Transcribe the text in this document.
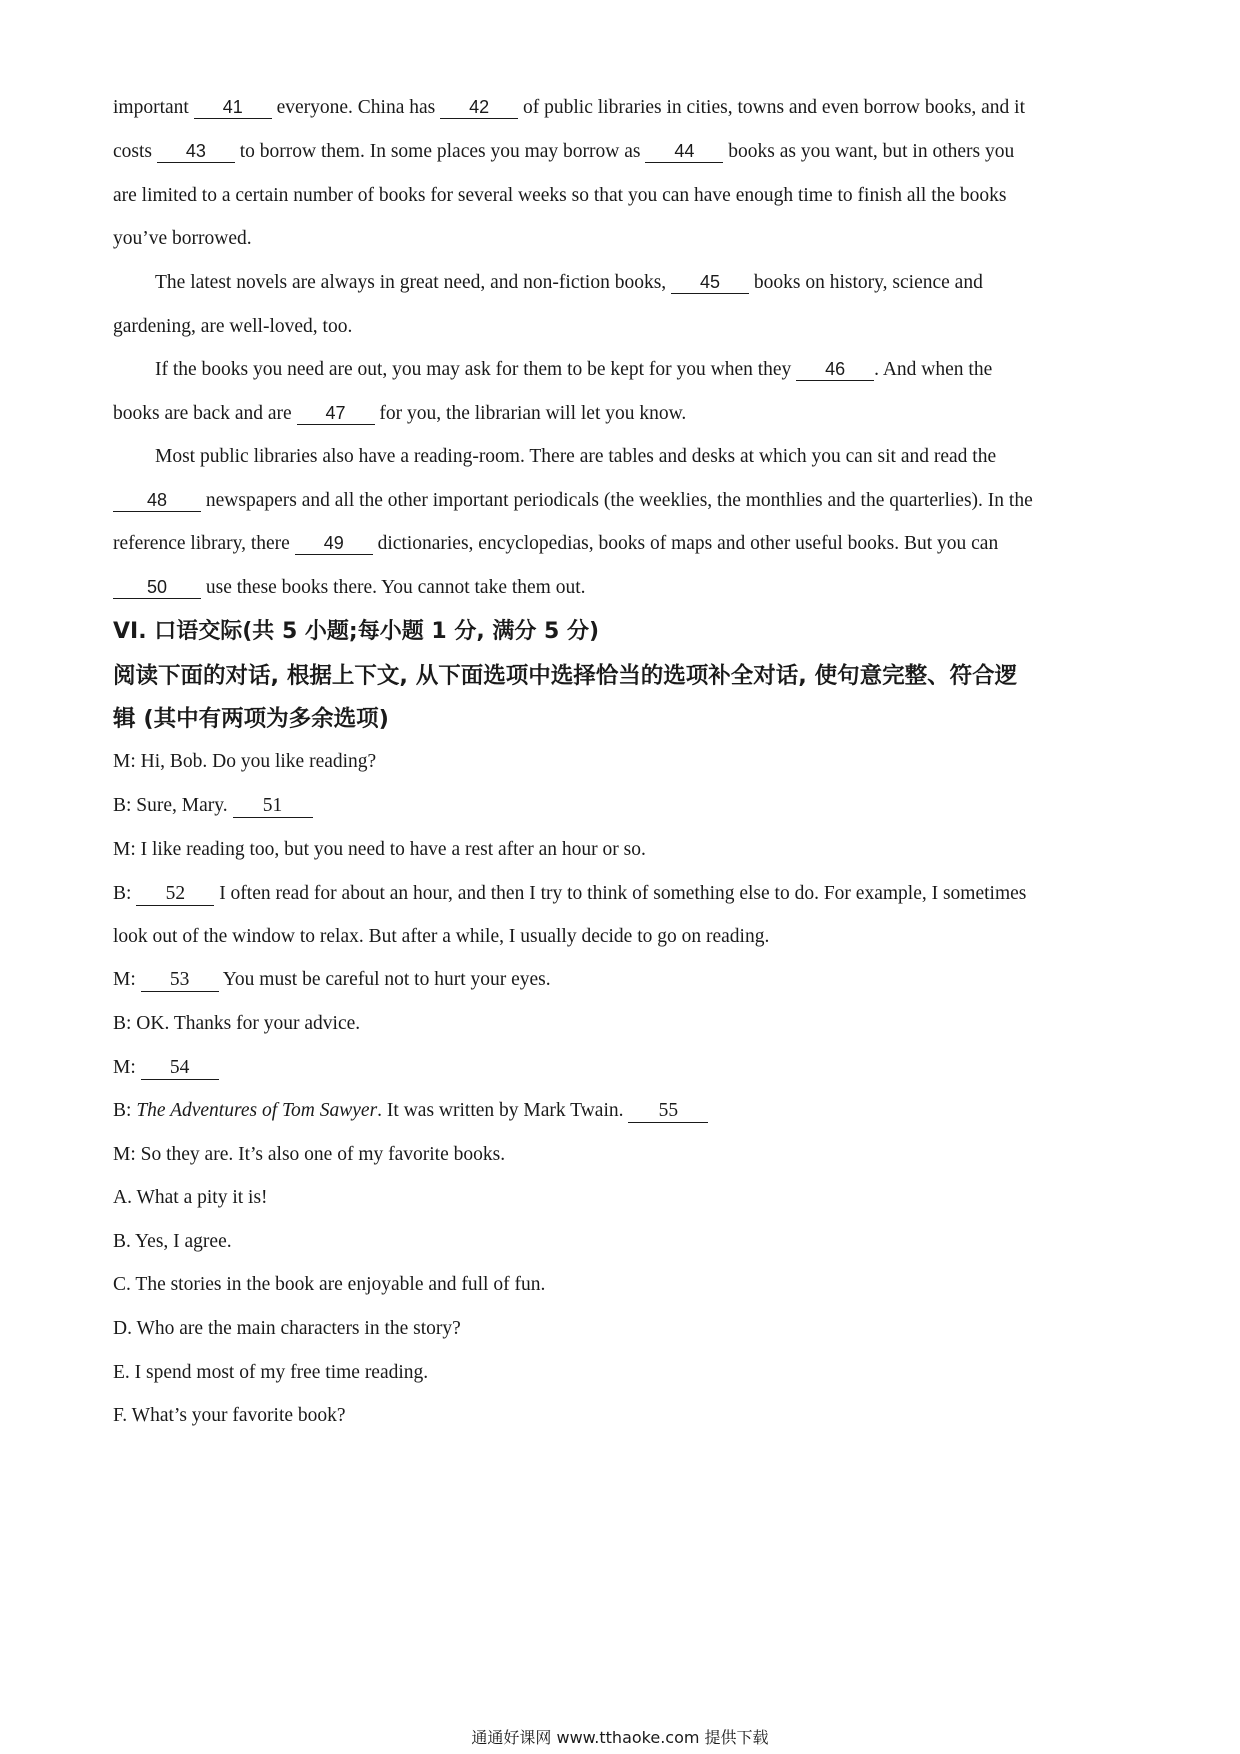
important 41 everyone. China has 42 of public libraries in cities, towns and even borrow books, and it
costs 43 to borrow them. In some places you may borrow as 44 books as you want, but in others you
are limited to a certain number of books for several weeks so that you can have enough time to finish all the books
you’ve borrowed.
The latest novels are always in great need, and non-fiction books, 45 books on history, science and
gardening, are well-loved, too.
If the books you need are out, you may ask for them to be kept for you when they 46 . And when the
books are back and are 47 for you, the librarian will let you know.
Most public libraries also have a reading-room. There are tables and desks at which you can sit and read the
48 newspapers and all the other important periodicals (the weeklies, the monthlies and the quarterlies). In the
reference library, there 49 dictionaries, encyclopedias, books of maps and other useful books. But you can
50 use these books there. You cannot take them out.
VI. 口语交际(共 5 小题;每小题 1 分, 满分 5 分)
阅读下面的对话, 根据上下文, 从下面选项中选择恰当的选项补全对话, 使句意完整、符合逻
辑 (其中有两项为多余选项)
M: Hi, Bob. Do you like reading?
B: Sure, Mary. 51
M: I like reading too, but you need to have a rest after an hour or so.
B: 52 I often read for about an hour, and then I try to think of something else to do. For example, I sometimes
look out of the window to relax. But after a while, I usually decide to go on reading.
M: 53 You must be careful not to hurt your eyes.
B: OK. Thanks for your advice.
M: 54
B: The Adventures of Tom Sawyer. It was written by Mark Twain. 55
M: So they are. It’s also one of my favorite books.
A. What a pity it is!
B. Yes, I agree.
C. The stories in the book are enjoyable and full of fun.
D. Who are the main characters in the story?
E. I spend most of my free time reading.
F. What’s your favorite book?
通通好课网 www.tthaoke.com 提供下载
